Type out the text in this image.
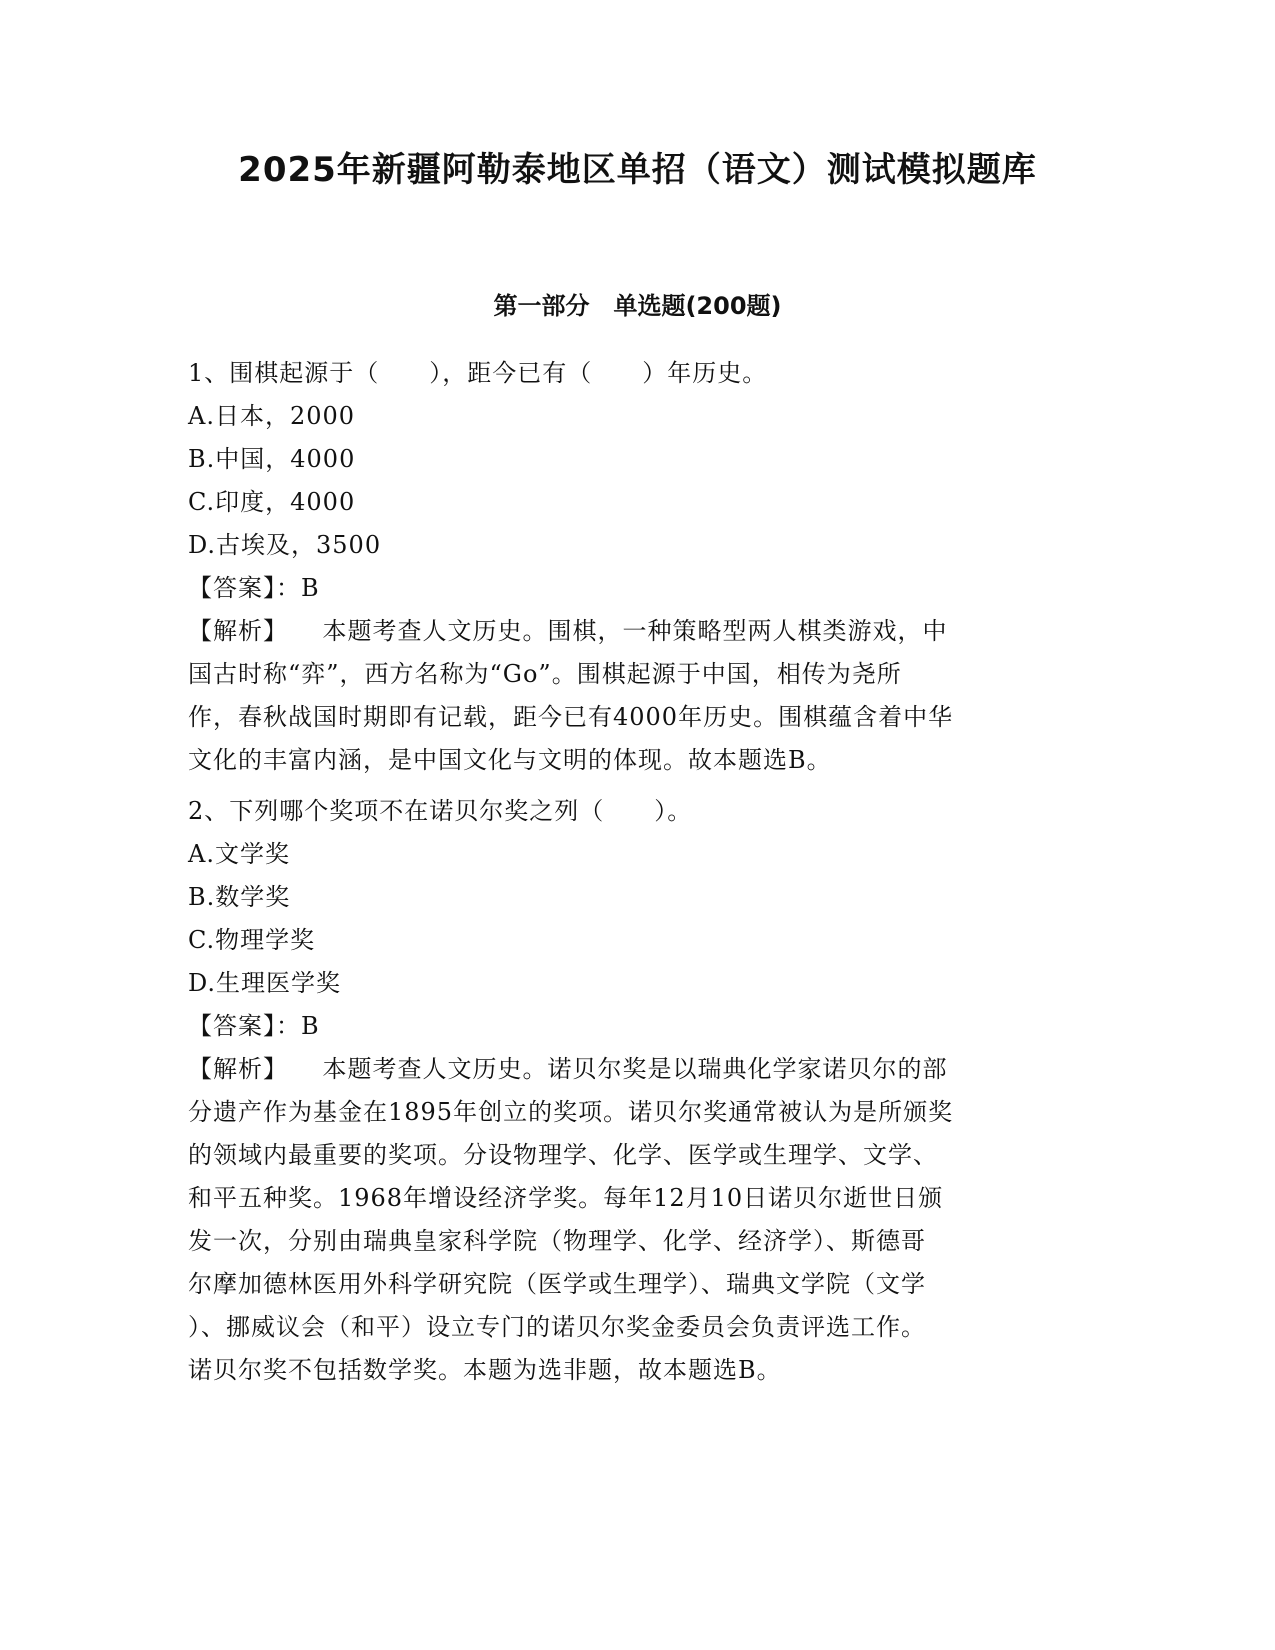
2025年新疆阿勒泰地区单招（语文）测试模拟题库
第一部分　单选题(200题)
1、围棋起源于（　　），距今已有（　　）年历史。
A.日本，2000
B.中国，4000
C.印度，4000
D.古埃及，3500
【答案】：B
【解析】 本题考查人文历史。围棋，一种策略型两人棋类游戏，中
国古时称“弈”，西方名称为“Go”。围棋起源于中国，相传为尧所
作，春秋战国时期即有记载，距今已有4000年历史。围棋蕴含着中华
文化的丰富内涵，是中国文化与文明的体现。故本题选B。
2、下列哪个奖项不在诺贝尔奖之列（　　）。
A.文学奖
B.数学奖
C.物理学奖
D.生理医学奖
【答案】：B
【解析】 本题考查人文历史。诺贝尔奖是以瑞典化学家诺贝尔的部
分遗产作为基金在1895年创立的奖项。诺贝尔奖通常被认为是所颁奖
的领域内最重要的奖项。分设物理学、化学、医学或生理学、文学、
和平五种奖。1968年增设经济学奖。每年12月10日诺贝尔逝世日颁
发一次，分别由瑞典皇家科学院（物理学、化学、经济学）、斯德哥
尔摩加德林医用外科学研究院（医学或生理学）、瑞典文学院（文学
）、挪威议会（和平）设立专门的诺贝尔奖金委员会负责评选工作。
诺贝尔奖不包括数学奖。本题为选非题，故本题选B。
